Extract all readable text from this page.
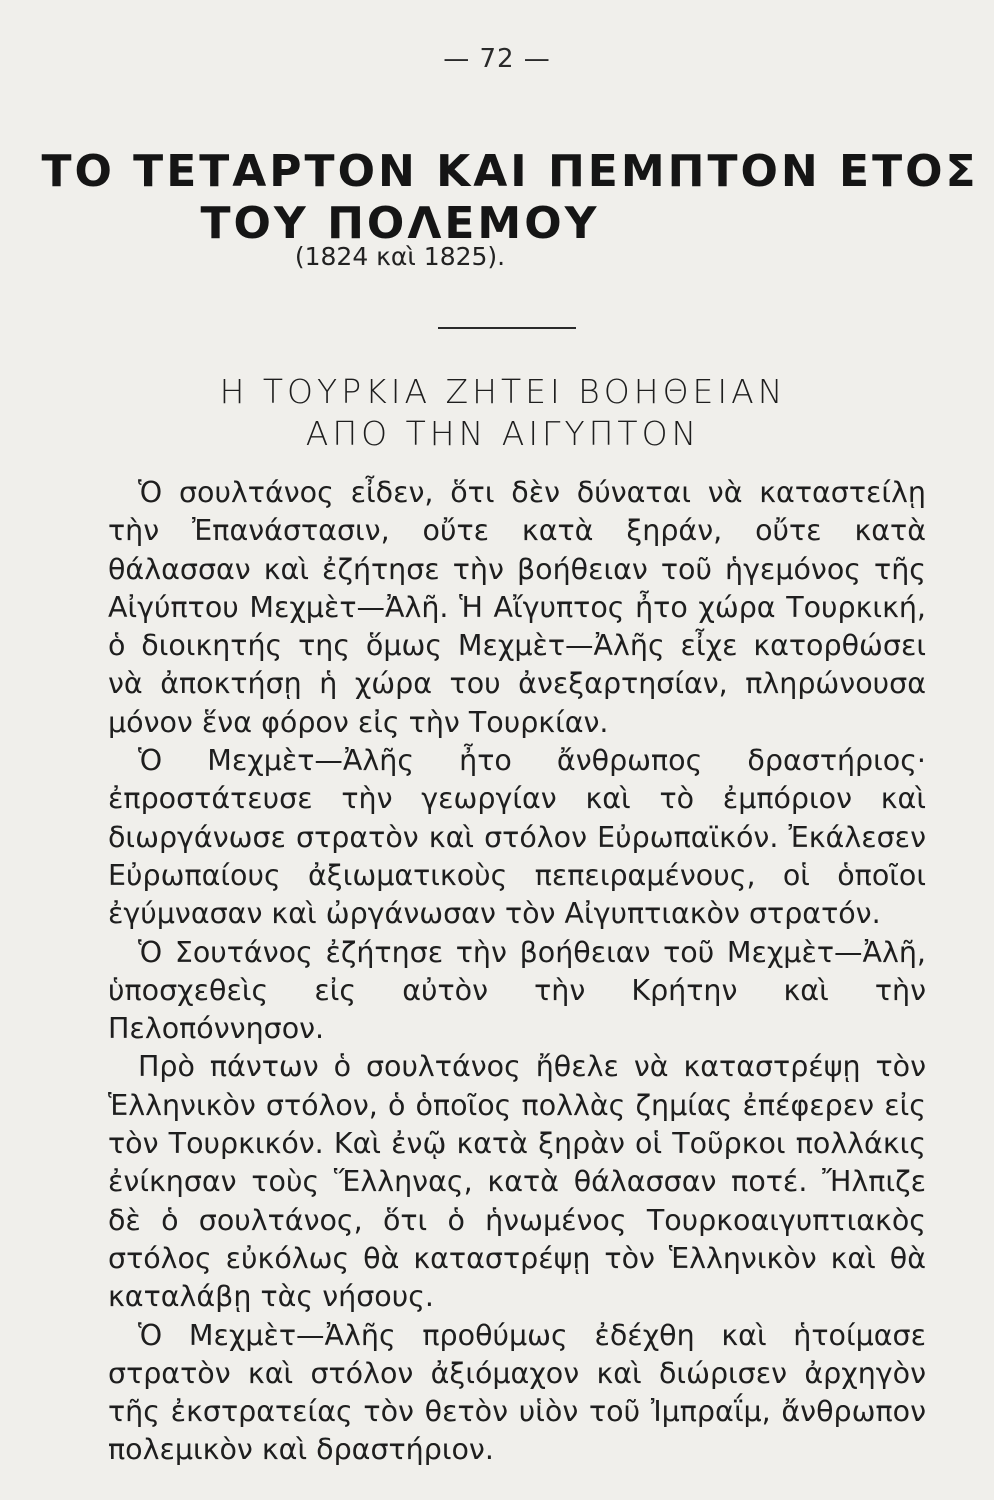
— 72 —
ΤΟ ΤΕΤΑΡΤΟΝ ΚΑΙ ΠΕΜΠΤΟΝ ΕΤΟΣ
ΤΟΥ ΠΟΛΕΜΟΥ
(1824 καὶ 1825).
Η ΤΟΥΡΚΙΑ ΖΗΤΕΙ ΒΟΗΘΕΙΑΝ
ΑΠΟ ΤΗΝ ΑΙΓΥΠΤΟΝ

Ὁ σουλτάνος εἶδεν, ὅτι δὲν δύναται νὰ καταστείλῃ τὴν Ἐπανάστασιν, οὔτε κατὰ ξηράν, οὔτε κατὰ θάλασσαν καὶ ἐζήτησε τὴν βοήθειαν τοῦ ἡγεμόνος τῆς Αἰγύπτου Μεχμὲτ—Ἀλῆ. Ἡ Αἴγυπτος ἦτο χώρα Τουρκική, ὁ διοικητής της ὅμως Μεχμὲτ—Ἀλῆς εἶχε κατορθώσει νὰ ἀποκτήσῃ ἡ χώρα του ἀνεξαρτησίαν, πληρώνουσα μόνον ἕνα φόρον εἰς τὴν Τουρκίαν.

Ὁ Μεχμὲτ—Ἀλῆς ἦτο ἄνθρωπος δραστήριος· ἐπροστάτευσε τὴν γεωργίαν καὶ τὸ ἐμπόριον καὶ διωργάνωσε στρατὸν καὶ στόλον Εὐρωπαϊκόν. Ἐκάλεσεν Εὐρωπαίους ἀξιωματικοὺς πεπειραμένους, οἱ ὁποῖοι ἐγύμνασαν καὶ ὠργάνωσαν τὸν Αἰγυπτιακὸν στρατόν.

Ὁ Σουτάνος ἐζήτησε τὴν βοήθειαν τοῦ Μεχμὲτ—Ἀλῆ, ὑποσχεθεὶς εἰς αὐτὸν τὴν Κρήτην καὶ τὴν Πελοπόννησον.

Πρὸ πάντων ὁ σουλτάνος ἤθελε νὰ καταστρέψῃ τὸν Ἑλληνικὸν στόλον, ὁ ὁποῖος πολλὰς ζημίας ἐπέφερεν εἰς τὸν Τουρκικόν. Καὶ ἐνῷ κατὰ ξηρὰν οἱ Τοῦρκοι πολλάκις ἐνίκησαν τοὺς Ἕλληνας, κατὰ θάλασσαν ποτέ. Ἤλπιζε δὲ ὁ σουλτάνος, ὅτι ὁ ἡνωμένος Τουρκοαιγυπτιακὸς στόλος εὐκόλως θὰ καταστρέψῃ τὸν Ἑλληνικὸν καὶ θὰ καταλάβῃ τὰς νήσους.

Ὁ Μεχμὲτ—Ἀλῆς προθύμως ἐδέχθη καὶ ἡτοίμασε στρατὸν καὶ στόλον ἀξιόμαχον καὶ διώρισεν ἀρχηγὸν τῆς ἐκστρατείας τὸν θετὸν υἱὸν τοῦ Ἰμπραΐμ, ἄνθρωπον πολεμικὸν καὶ δραστήριον.
